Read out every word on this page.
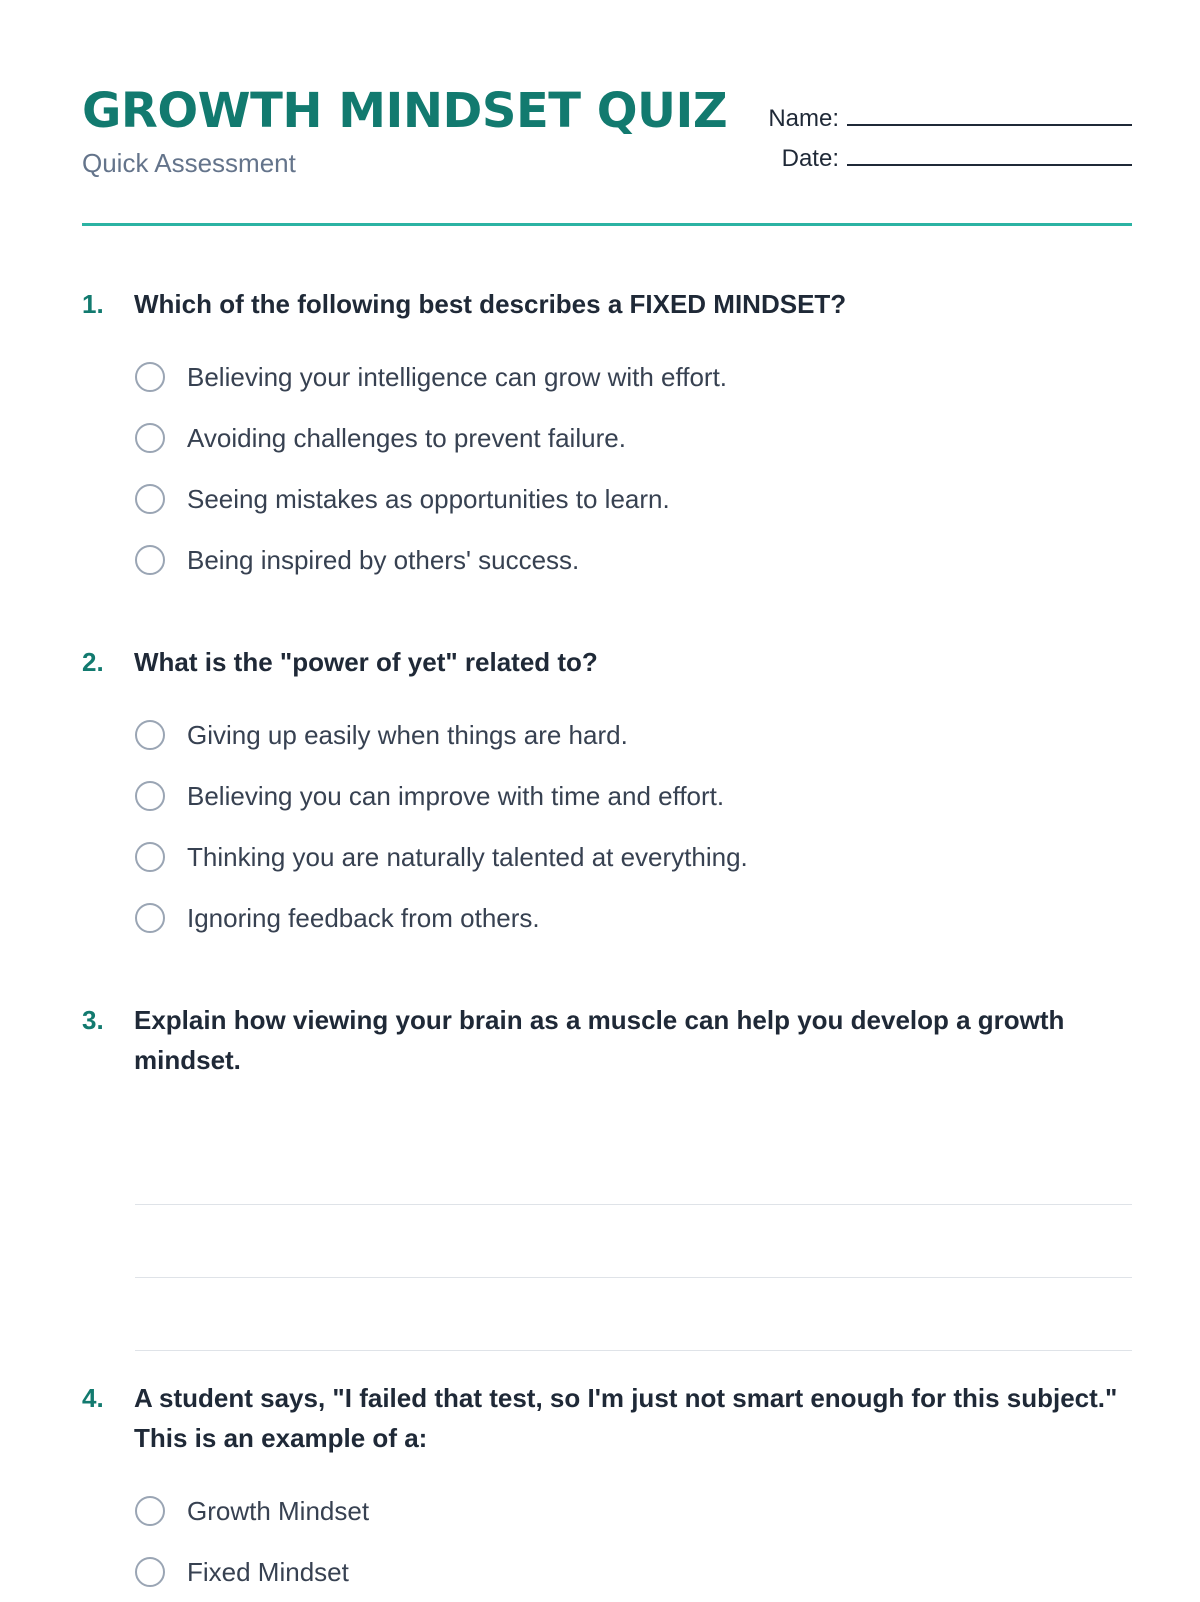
GROWTH MINDSET QUIZ
Quick Assessment
Name:
Date:
1.	Which of the following best describes a FIXED MINDSET?
Believing your intelligence can grow with effort.
Avoiding challenges to prevent failure.
Seeing mistakes as opportunities to learn.
Being inspired by others' success.
2.	What is the "power of yet" related to?
Giving up easily when things are hard.
Believing you can improve with time and effort.
Thinking you are naturally talented at everything.
Ignoring feedback from others.
3.	Explain how viewing your brain as a muscle can help you develop a growth mindset.
4.	A student says, "I failed that test, so I'm just not smart enough for this subject." This is an example of a:
Growth Mindset
Fixed Mindset
